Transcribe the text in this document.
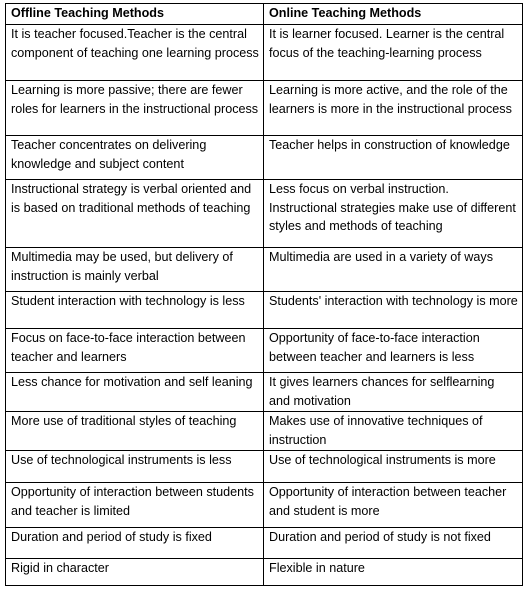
Offline Teaching Methods	Online Teaching Methods
It is teacher focused.Teacher is the central component of teaching one learning process	It is learner focused. Learner is the central focus of the teaching-learning process
Learning is more passive; there are fewer roles for learners in the instructional process	Learning is more active, and the role of the learners is more in the instructional process
Teacher concentrates on delivering knowledge and subject content	Teacher helps in construction of knowledge
Instructional strategy is verbal oriented and is based on traditional methods of teaching	Less focus on verbal instruction. Instructional strategies make use of different styles and methods of teaching
Multimedia may be used, but delivery of instruction is mainly verbal	Multimedia are used in a variety of ways
Student interaction with technology is less	Students' interaction with technology is more
Focus on face-to-face interaction between teacher and learners	Opportunity of face-to-face interaction between teacher and learners is less
Less chance for motivation and self leaning	It gives learners chances for selflearning and motivation
More use of traditional styles of teaching	Makes use of innovative techniques of instruction
Use of technological instruments is less	Use of technological instruments is more
Opportunity of interaction between students and teacher is limited	Opportunity of interaction between teacher and student is more
Duration and period of study is fixed	Duration and period of study is not fixed
Rigid in character	Flexible in nature
